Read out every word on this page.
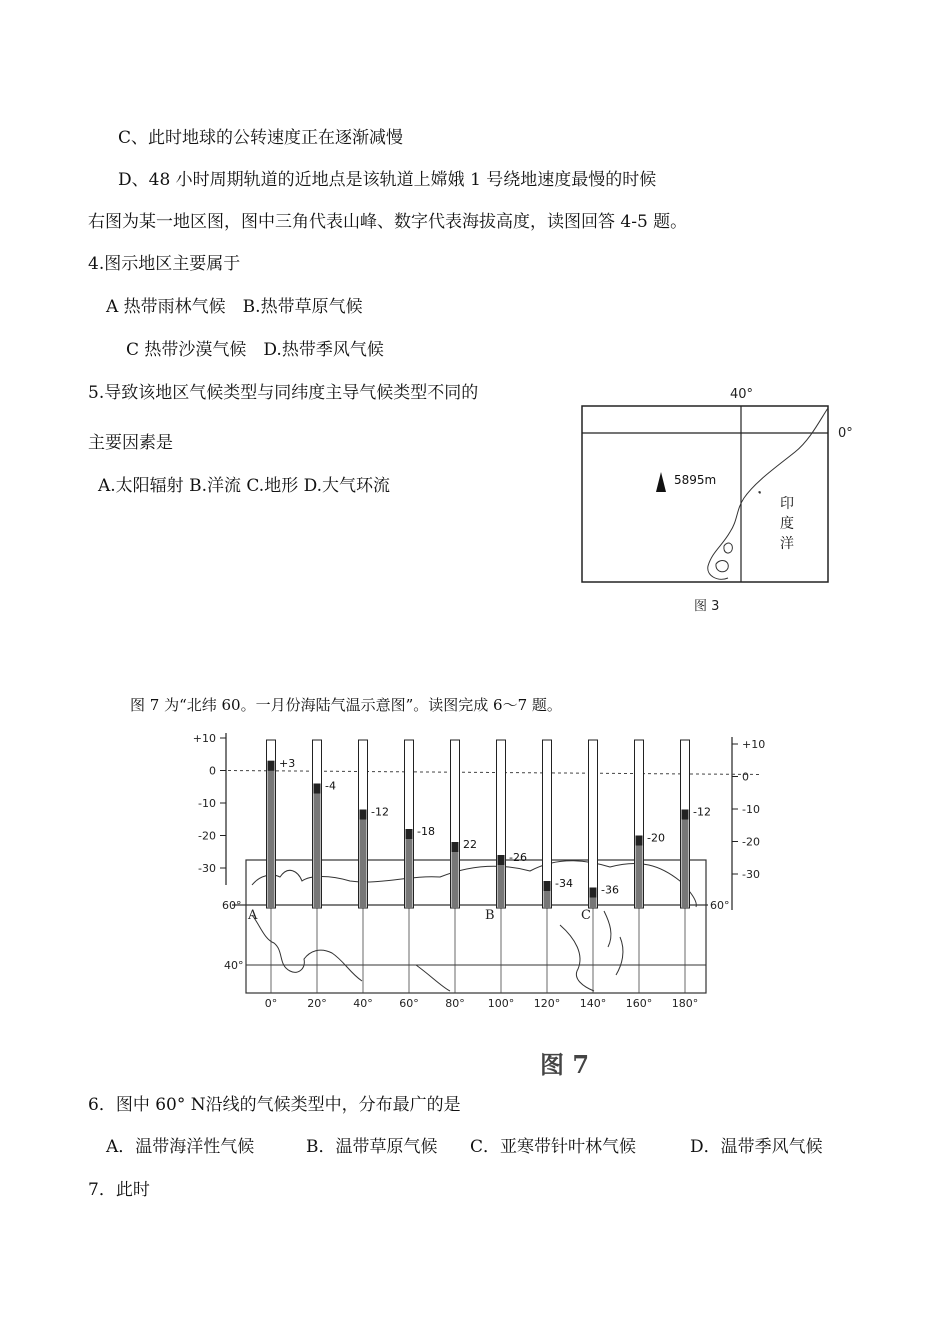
C、此时地球的公转速度正在逐渐减慢
D、48 小时周期轨道的近地点是该轨道上嫦娥 1 号绕地速度最慢的时候
右图为某一地区图，图中三角代表山峰、数字代表海拔高度，读图回答 4-5 题。
4.图示地区主要属于
A 热带雨林气候　B.热带草原气候
C 热带沙漠气候　D.热带季风气候
5.导致该地区气候类型与同纬度主导气候类型不同的
主要因素是
A.太阳辐射 B.洋流 C.地形 D.大气环流
40°
0°
5895m
印
度
洋
图 3
图 7 为“北纬 60。一月份海陆气温示意图”。读图完成 6～7 题。
+10	+10
0	0
-10	-10
-20	-20
-30	-30
60°
40°
60°
0°	20° 40° 60° 80° 100° 120° 140° 160° 180°
A	B	C
+3
-4
-12
-18
22
-26
-34	-36
-20
-12
图 7
6．图中 60° N沿线的气候类型中，分布最广的是
A．温带海洋性气候	B．温带草原气候 C．亚寒带针叶林气候	D．温带季风气候
7．此时
